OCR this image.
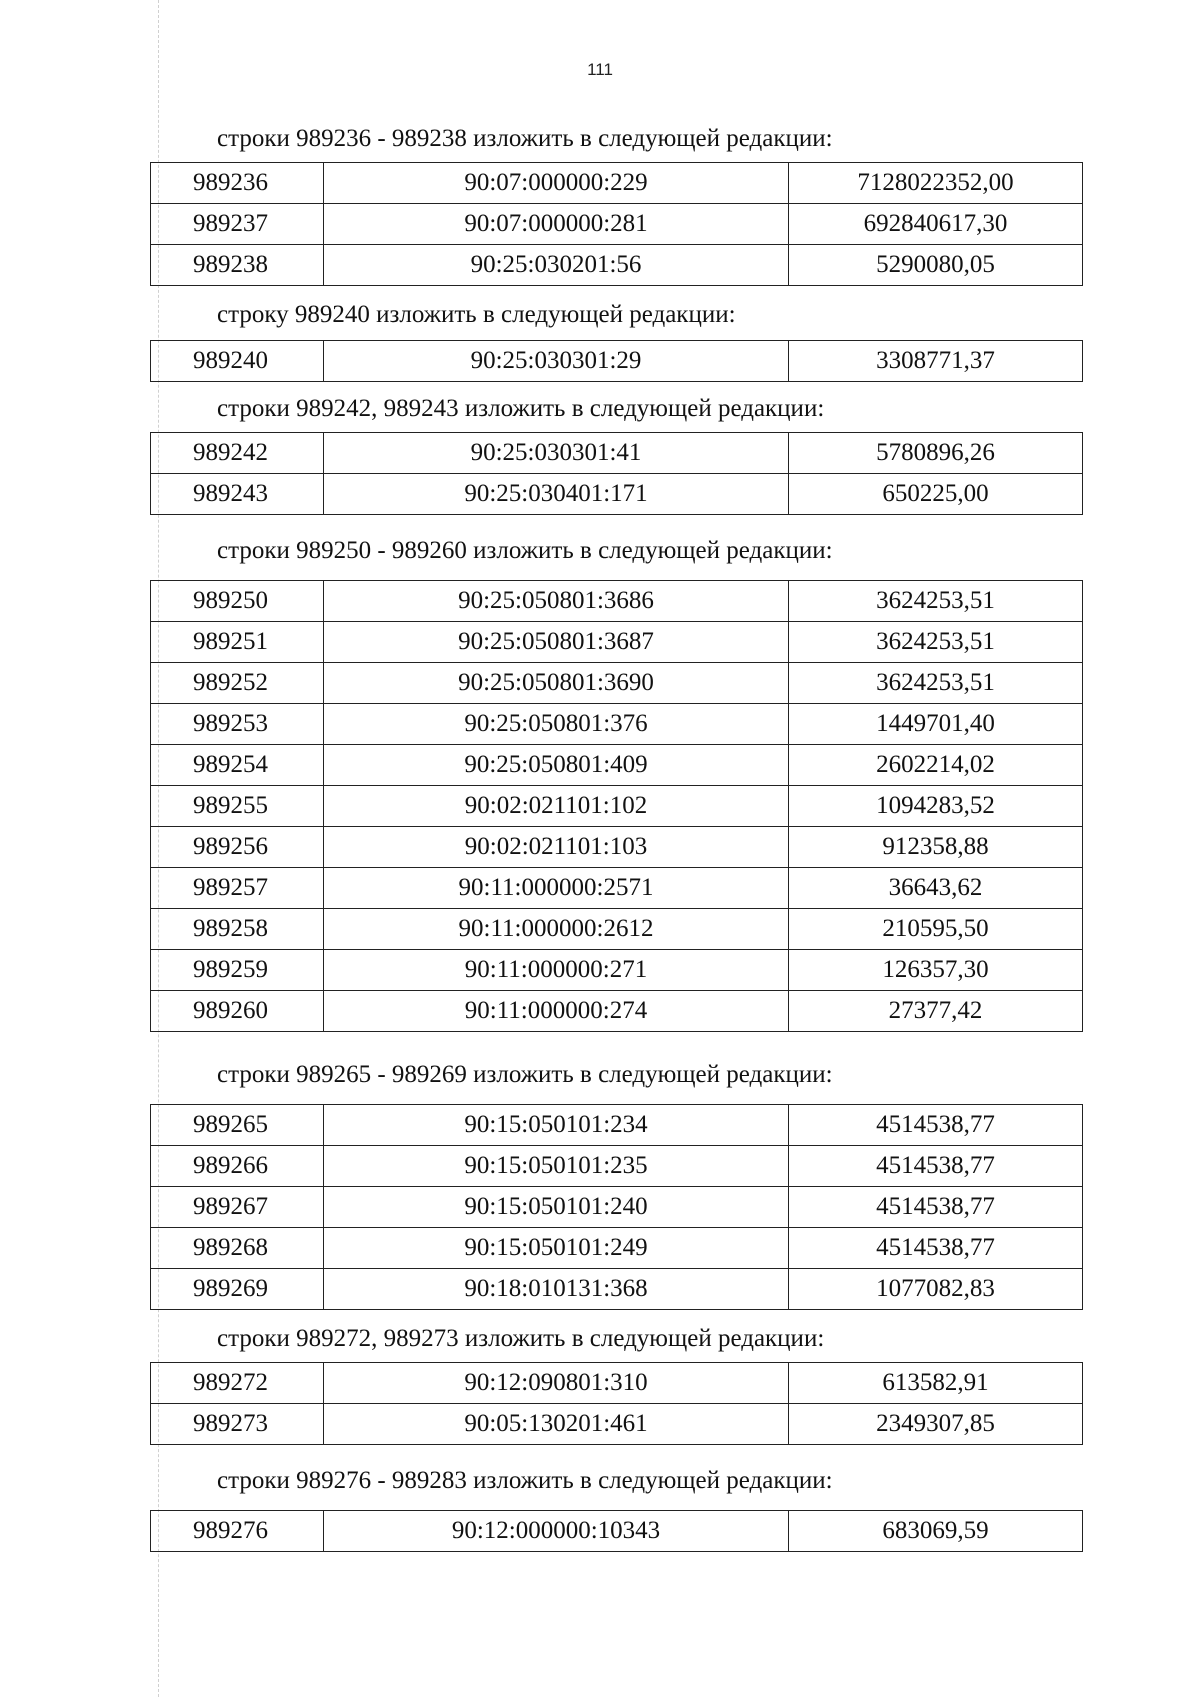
111
строки 989236 - 989238 изложить в следующей редакции:
989236	90:07:000000:229	7128022352,00
989237	90:07:000000:281	692840617,30
989238	90:25:030201:56	5290080,05
строку 989240 изложить в следующей редакции:
989240	90:25:030301:29	3308771,37
строки 989242, 989243 изложить в следующей редакции:
989242	90:25:030301:41	5780896,26
989243	90:25:030401:171	650225,00
строки 989250 - 989260 изложить в следующей редакции:
989250	90:25:050801:3686	3624253,51
989251	90:25:050801:3687	3624253,51
989252	90:25:050801:3690	3624253,51
989253	90:25:050801:376	1449701,40
989254	90:25:050801:409	2602214,02
989255	90:02:021101:102	1094283,52
989256	90:02:021101:103	912358,88
989257	90:11:000000:2571	36643,62
989258	90:11:000000:2612	210595,50
989259	90:11:000000:271	126357,30
989260	90:11:000000:274	27377,42
строки 989265 - 989269 изложить в следующей редакции:
989265	90:15:050101:234	4514538,77
989266	90:15:050101:235	4514538,77
989267	90:15:050101:240	4514538,77
989268	90:15:050101:249	4514538,77
989269	90:18:010131:368	1077082,83
строки 989272, 989273 изложить в следующей редакции:
989272	90:12:090801:310	613582,91
989273	90:05:130201:461	2349307,85
строки 989276 - 989283 изложить в следующей редакции:
989276	90:12:000000:10343	683069,59
